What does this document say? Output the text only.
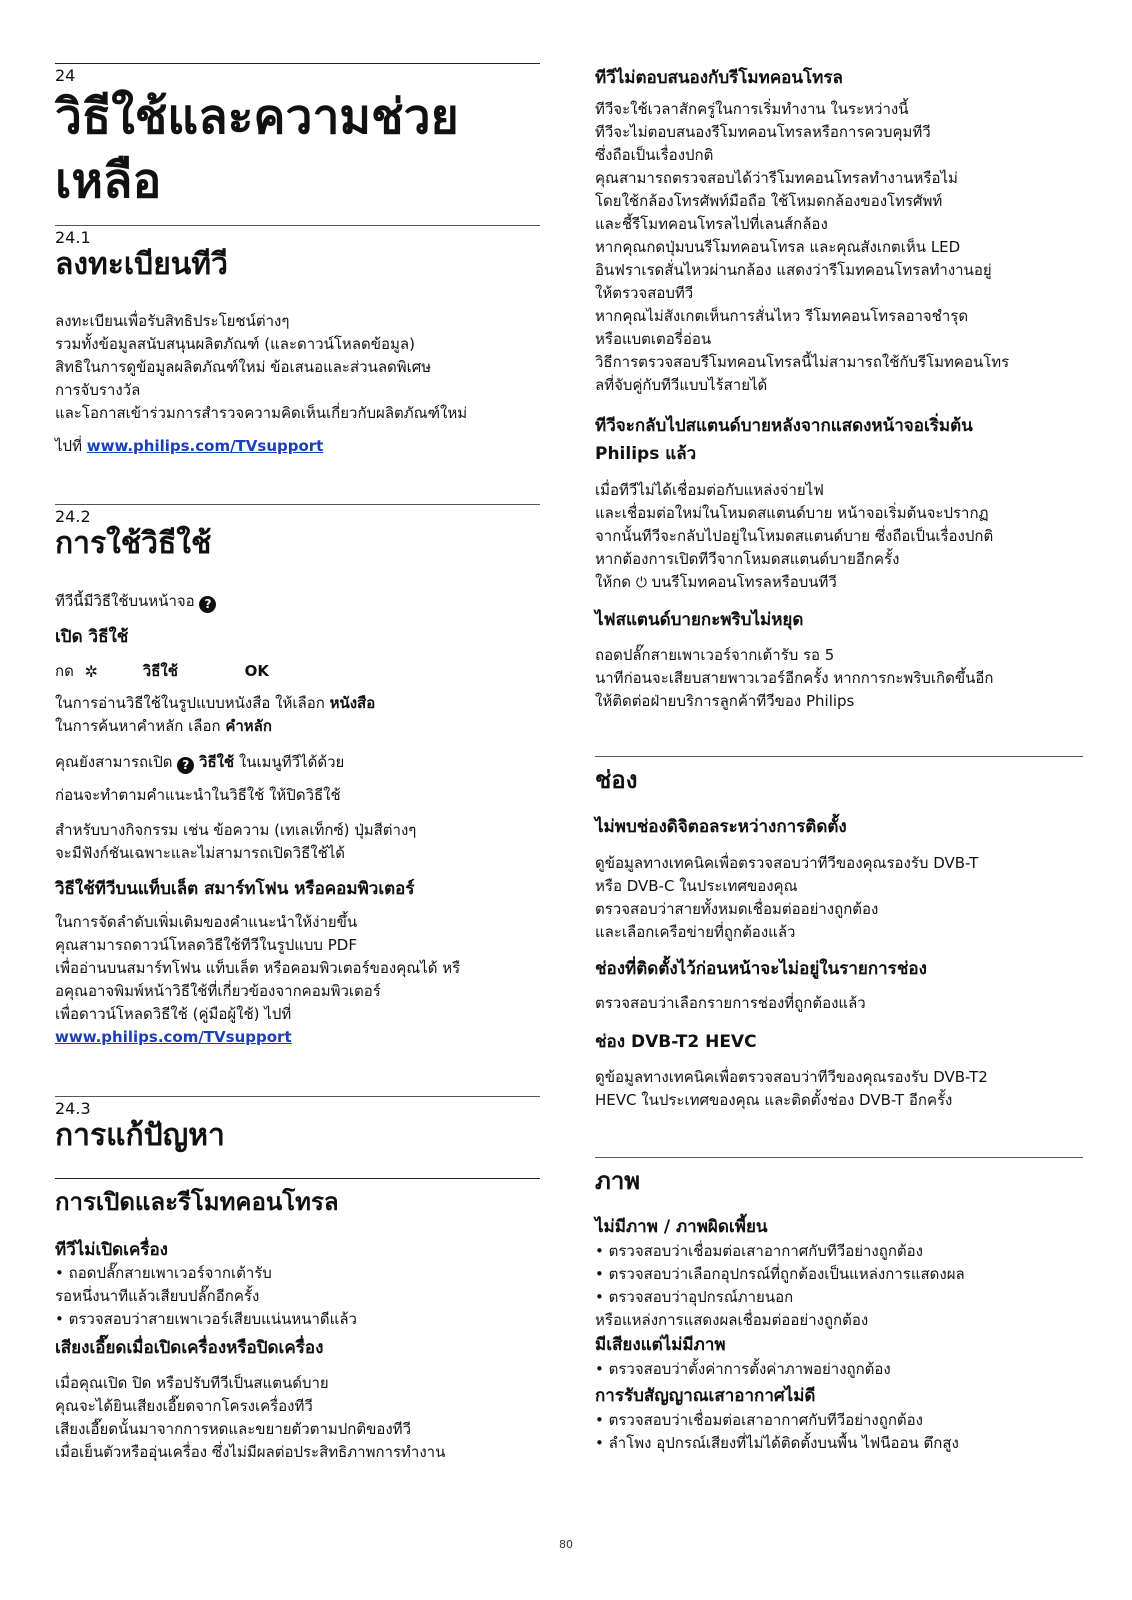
24
วิธีใช้และความช่วย
เหลือ
24.1
ลงทะเบียนทีวี
ลงทะเบียนเพื่อรับสิทธิประโยชน์ต่างๆ
รวมทั้งข้อมูลสนับสนุนผลิตภัณฑ์ (และดาวน์โหลดข้อมูล)
สิทธิในการดูข้อมูลผลิตภัณฑ์ใหม่ ข้อเสนอและส่วนลดพิเศษ
การจับรางวัล
และโอกาสเข้าร่วมการสำรวจความคิดเห็นเกี่ยวกับผลิตภัณฑ์ใหม่
ไปที่ www.philips.com/TVsupport
24.2
การใช้วิธีใช้
ทีวีนี้มีวิธีใช้บนหน้าจอ ?
เปิด วิธีใช้
กด ✲	วิธีใช้	OK
ในการอ่านวิธีใช้ในรูปแบบหนังสือ ให้เลือก หนังสือ
ในการค้นหาคำหลัก เลือก คำหลัก
คุณยังสามารถเปิด ? วิธีใช้ ในเมนูทีวีได้ด้วย
ก่อนจะทำตามคำแนะนำในวิธีใช้ ให้ปิดวิธีใช้
สำหรับบางกิจกรรม เช่น ข้อความ (เทเลเท็กซ์) ปุ่มสีต่างๆ
จะมีฟังก์ชันเฉพาะและไม่สามารถเปิดวิธีใช้ได้
วิธีใช้ทีวีบนแท็บเล็ต สมาร์ทโฟน หรือคอมพิวเตอร์
ในการจัดลำดับเพิ่มเติมของคำแนะนำให้ง่ายขึ้น
คุณสามารถดาวน์โหลดวิธีใช้ทีวีในรูปแบบ PDF
เพื่ออ่านบนสมาร์ทโฟน แท็บเล็ต หรือคอมพิวเตอร์ของคุณได้ หรื
อคุณอาจพิมพ์หน้าวิธีใช้ที่เกี่ยวข้องจากคอมพิวเตอร์
เพื่อดาวน์โหลดวิธีใช้ (คู่มือผู้ใช้) ไปที่
www.philips.com/TVsupport
24.3
การแก้ปัญหา
การเปิดและรีโมทคอนโทรล
ทีวีไม่เปิดเครื่อง
• ถอดปลั๊กสายเพาเวอร์จากเต้ารับ
รอหนึ่งนาทีแล้วเสียบปลั๊กอีกครั้ง
• ตรวจสอบว่าสายเพาเวอร์เสียบแน่นหนาดีแล้ว
เสียงเอี๊ยดเมื่อเปิดเครื่องหรือปิดเครื่อง
เมื่อคุณเปิด ปิด หรือปรับทีวีเป็นสแตนด์บาย
คุณจะได้ยินเสียงเอี๊ยดจากโครงเครื่องทีวี
เสียงเอี๊ยดนั้นมาจากการหดและขยายตัวตามปกติของทีวี
เมื่อเย็นตัวหรืออุ่นเครื่อง ซึ่งไม่มีผลต่อประสิทธิภาพการทำงาน
ทีวีไม่ตอบสนองกับรีโมทคอนโทรล
ทีวีจะใช้เวลาสักครู่ในการเริ่มทำงาน ในระหว่างนี้
ทีวีจะไม่ตอบสนองรีโมทคอนโทรลหรือการควบคุมทีวี
ซึ่งถือเป็นเรื่องปกติ
คุณสามารถตรวจสอบได้ว่ารีโมทคอนโทรลทำงานหรือไม่
โดยใช้กล้องโทรศัพท์มือถือ ใช้โหมดกล้องของโทรศัพท์
และชี้รีโมทคอนโทรลไปที่เลนส์กล้อง
หากคุณกดปุ่มบนรีโมทคอนโทรล และคุณสังเกตเห็น LED
อินฟราเรดสั่นไหวผ่านกล้อง แสดงว่ารีโมทคอนโทรลทำงานอยู่
ให้ตรวจสอบทีวี
หากคุณไม่สังเกตเห็นการสั่นไหว รีโมทคอนโทรลอาจชำรุด
หรือแบตเตอรี่อ่อน
วิธีการตรวจสอบรีโมทคอนโทรลนี้ไม่สามารถใช้กับรีโมทคอนโทร
ลที่จับคู่กับทีวีแบบไร้สายได้
ทีวีจะกลับไปสแตนด์บายหลังจากแสดงหน้าจอเริ่มต้น
Philips แล้ว
เมื่อทีวีไม่ได้เชื่อมต่อกับแหล่งจ่ายไฟ
และเชื่อมต่อใหม่ในโหมดสแตนด์บาย หน้าจอเริ่มต้นจะปรากฏ
จากนั้นทีวีจะกลับไปอยู่ในโหมดสแตนด์บาย ซึ่งถือเป็นเรื่องปกติ
หากต้องการเปิดทีวีจากโหมดสแตนด์บายอีกครั้ง
ให้กด ⏻ บนรีโมทคอนโทรลหรือบนทีวี
ไฟสแตนด์บายกะพริบไม่หยุด
ถอดปลั๊กสายเพาเวอร์จากเต้ารับ รอ 5
นาทีก่อนจะเสียบสายพาวเวอร์อีกครั้ง หากการกะพริบเกิดขึ้นอีก
ให้ติดต่อฝ่ายบริการลูกค้าทีวีของ Philips
ช่อง
ไม่พบช่องดิจิตอลระหว่างการติดตั้ง
ดูข้อมูลทางเทคนิคเพื่อตรวจสอบว่าทีวีของคุณรองรับ DVB-T
หรือ DVB-C ในประเทศของคุณ
ตรวจสอบว่าสายทั้งหมดเชื่อมต่ออย่างถูกต้อง
และเลือกเครือข่ายที่ถูกต้องแล้ว
ช่องที่ติดตั้งไว้ก่อนหน้าจะไม่อยู่ในรายการช่อง
ตรวจสอบว่าเลือกรายการช่องที่ถูกต้องแล้ว
ช่อง DVB-T2 HEVC
ดูข้อมูลทางเทคนิคเพื่อตรวจสอบว่าทีวีของคุณรองรับ DVB-T2
HEVC ในประเทศของคุณ และติดตั้งช่อง DVB-T อีกครั้ง
ภาพ
ไม่มีภาพ / ภาพผิดเพี้ยน
• ตรวจสอบว่าเชื่อมต่อเสาอากาศกับทีวีอย่างถูกต้อง
• ตรวจสอบว่าเลือกอุปกรณ์ที่ถูกต้องเป็นแหล่งการแสดงผล
• ตรวจสอบว่าอุปกรณ์ภายนอก
หรือแหล่งการแสดงผลเชื่อมต่ออย่างถูกต้อง
มีเสียงแต่ไม่มีภาพ
• ตรวจสอบว่าตั้งค่าการตั้งค่าภาพอย่างถูกต้อง
การรับสัญญาณเสาอากาศไม่ดี
• ตรวจสอบว่าเชื่อมต่อเสาอากาศกับทีวีอย่างถูกต้อง
• ลำโพง อุปกรณ์เสียงที่ไม่ได้ติดตั้งบนพื้น ไฟนีออน ตึกสูง
80
